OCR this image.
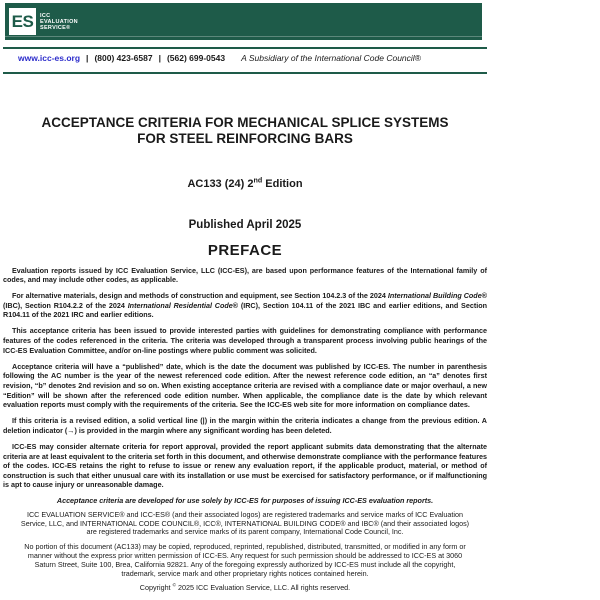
ES ICC
EVALUATION
SERVICE®
www.icc-es.org | (800) 423-6587 | (562) 699-0543 A Subsidiary of the International Code Council®
ACCEPTANCE CRITERIA FOR MECHANICAL SPLICE SYSTEMS
FOR STEEL REINFORCING BARS
AC133 (24) 2nd Edition
Published April 2025
PREFACE

Evaluation reports issued by ICC Evaluation Service, LLC (ICC-ES), are based upon performance features of the International family of codes, and may include other codes, as applicable.

For alternative materials, design and methods of construction and equipment, see Section 104.2.3 of the 2024 International Building Code® (IBC), Section R104.2.2 of the 2024 International Residential Code® (IRC), Section 104.11 of the 2021 IBC and earlier editions, and Section R104.11 of the 2021 IRC and earlier editions.

This acceptance criteria has been issued to provide interested parties with guidelines for demonstrating compliance with performance features of the codes referenced in the criteria. The criteria was developed through a transparent process involving public hearings of the ICC-ES Evaluation Committee, and/or on-line postings where public comment was solicited.

Acceptance criteria will have a “published” date, which is the date the document was published by ICC-ES. The number in parenthesis following the AC number is the year of the newest referenced code edition. After the newest reference code edition, an “a” denotes first revision, “b” denotes 2nd revision and so on. When existing acceptance criteria are revised with a compliance date or major overhaul, a new “Edition” will be shown after the referenced code edition number. When applicable, the compliance date is the date by which relevant evaluation reports must comply with the requirements of the criteria. See the ICC-ES web site for more information on compliance dates.

If this criteria is a revised edition, a solid vertical line (|) in the margin within the criteria indicates a change from the previous edition. A deletion indicator (→) is provided in the margin where any significant wording has been deleted.

ICC-ES may consider alternate criteria for report approval, provided the report applicant submits data demonstrating that the alternate criteria are at least equivalent to the criteria set forth in this document, and otherwise demonstrate compliance with the performance features of the codes. ICC-ES retains the right to refuse to issue or renew any evaluation report, if the applicable product, material, or method of construction is such that either unusual care with its installation or use must be exercised for satisfactory performance, or if malfunctioning is apt to cause injury or unreasonable damage.

Acceptance criteria are developed for use solely by ICC-ES for purposes of issuing ICC-ES evaluation reports.

ICC EVALUATION SERVICE® and ICC-ES® (and their associated logos) are registered trademarks and service marks of ICC Evaluation Service, LLC, and INTERNATIONAL CODE COUNCIL®, ICC®, INTERNATIONAL BUILDING CODE® and IBC® (and their associated logos) are registered trademarks and service marks of its parent company, International Code Council, Inc.

No portion of this document (AC133) may be copied, reproduced, reprinted, republished, distributed, transmitted, or modified in any form or manner without the express prior written permission of ICC-ES. Any request for such permission should be addressed to ICC-ES at 3060 Saturn Street, Suite 100, Brea, California 92821. Any of the foregoing expressly authorized by ICC-ES must include all the copyright, trademark, service mark and other proprietary rights notices contained herein.

Copyright © 2025 ICC Evaluation Service, LLC. All rights reserved.
